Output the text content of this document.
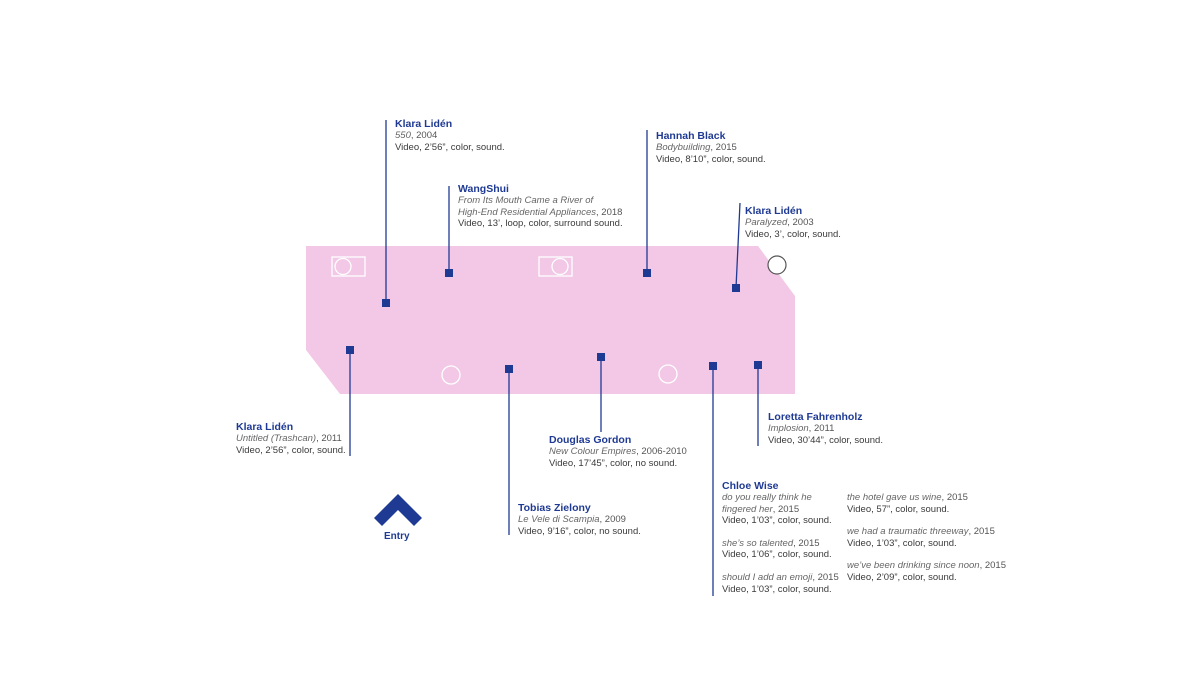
Entry
Klara Lidén
550, 2004
Video, 2’56”, color, sound.
WangShui
From Its Mouth Came a River of
High-End Residential Appliances, 2018
Video, 13’, loop, color, surround sound.
Hannah Black
Bodybuilding, 2015
Video, 8’10”, color, sound.
Klara Lidén
Paralyzed, 2003
Video, 3’, color, sound.
Klara Lidén
Untitled (Trashcan), 2011
Video, 2’56”, color, sound.
Douglas Gordon
New Colour Empires, 2006-2010
Video, 17’45”, color, no sound.
Loretta Fahrenholz
Implosion, 2011
Video, 30’44”, color, sound.
Tobias Zielony
Le Vele di Scampia, 2009
Video, 9’16”, color, no sound.
Chloe Wise
do you really think he
fingered her, 2015
Video, 1’03”, color, sound.
she’s so talented, 2015
Video, 1’06”, color, sound.
should I add an emoji, 2015
Video, 1’03”, color, sound.
the hotel gave us wine, 2015
Video, 57”, color, sound.
we had a traumatic threeway, 2015
Video, 1’03”, color, sound.
we’ve been drinking since noon, 2015
Video, 2’09”, color, sound.
